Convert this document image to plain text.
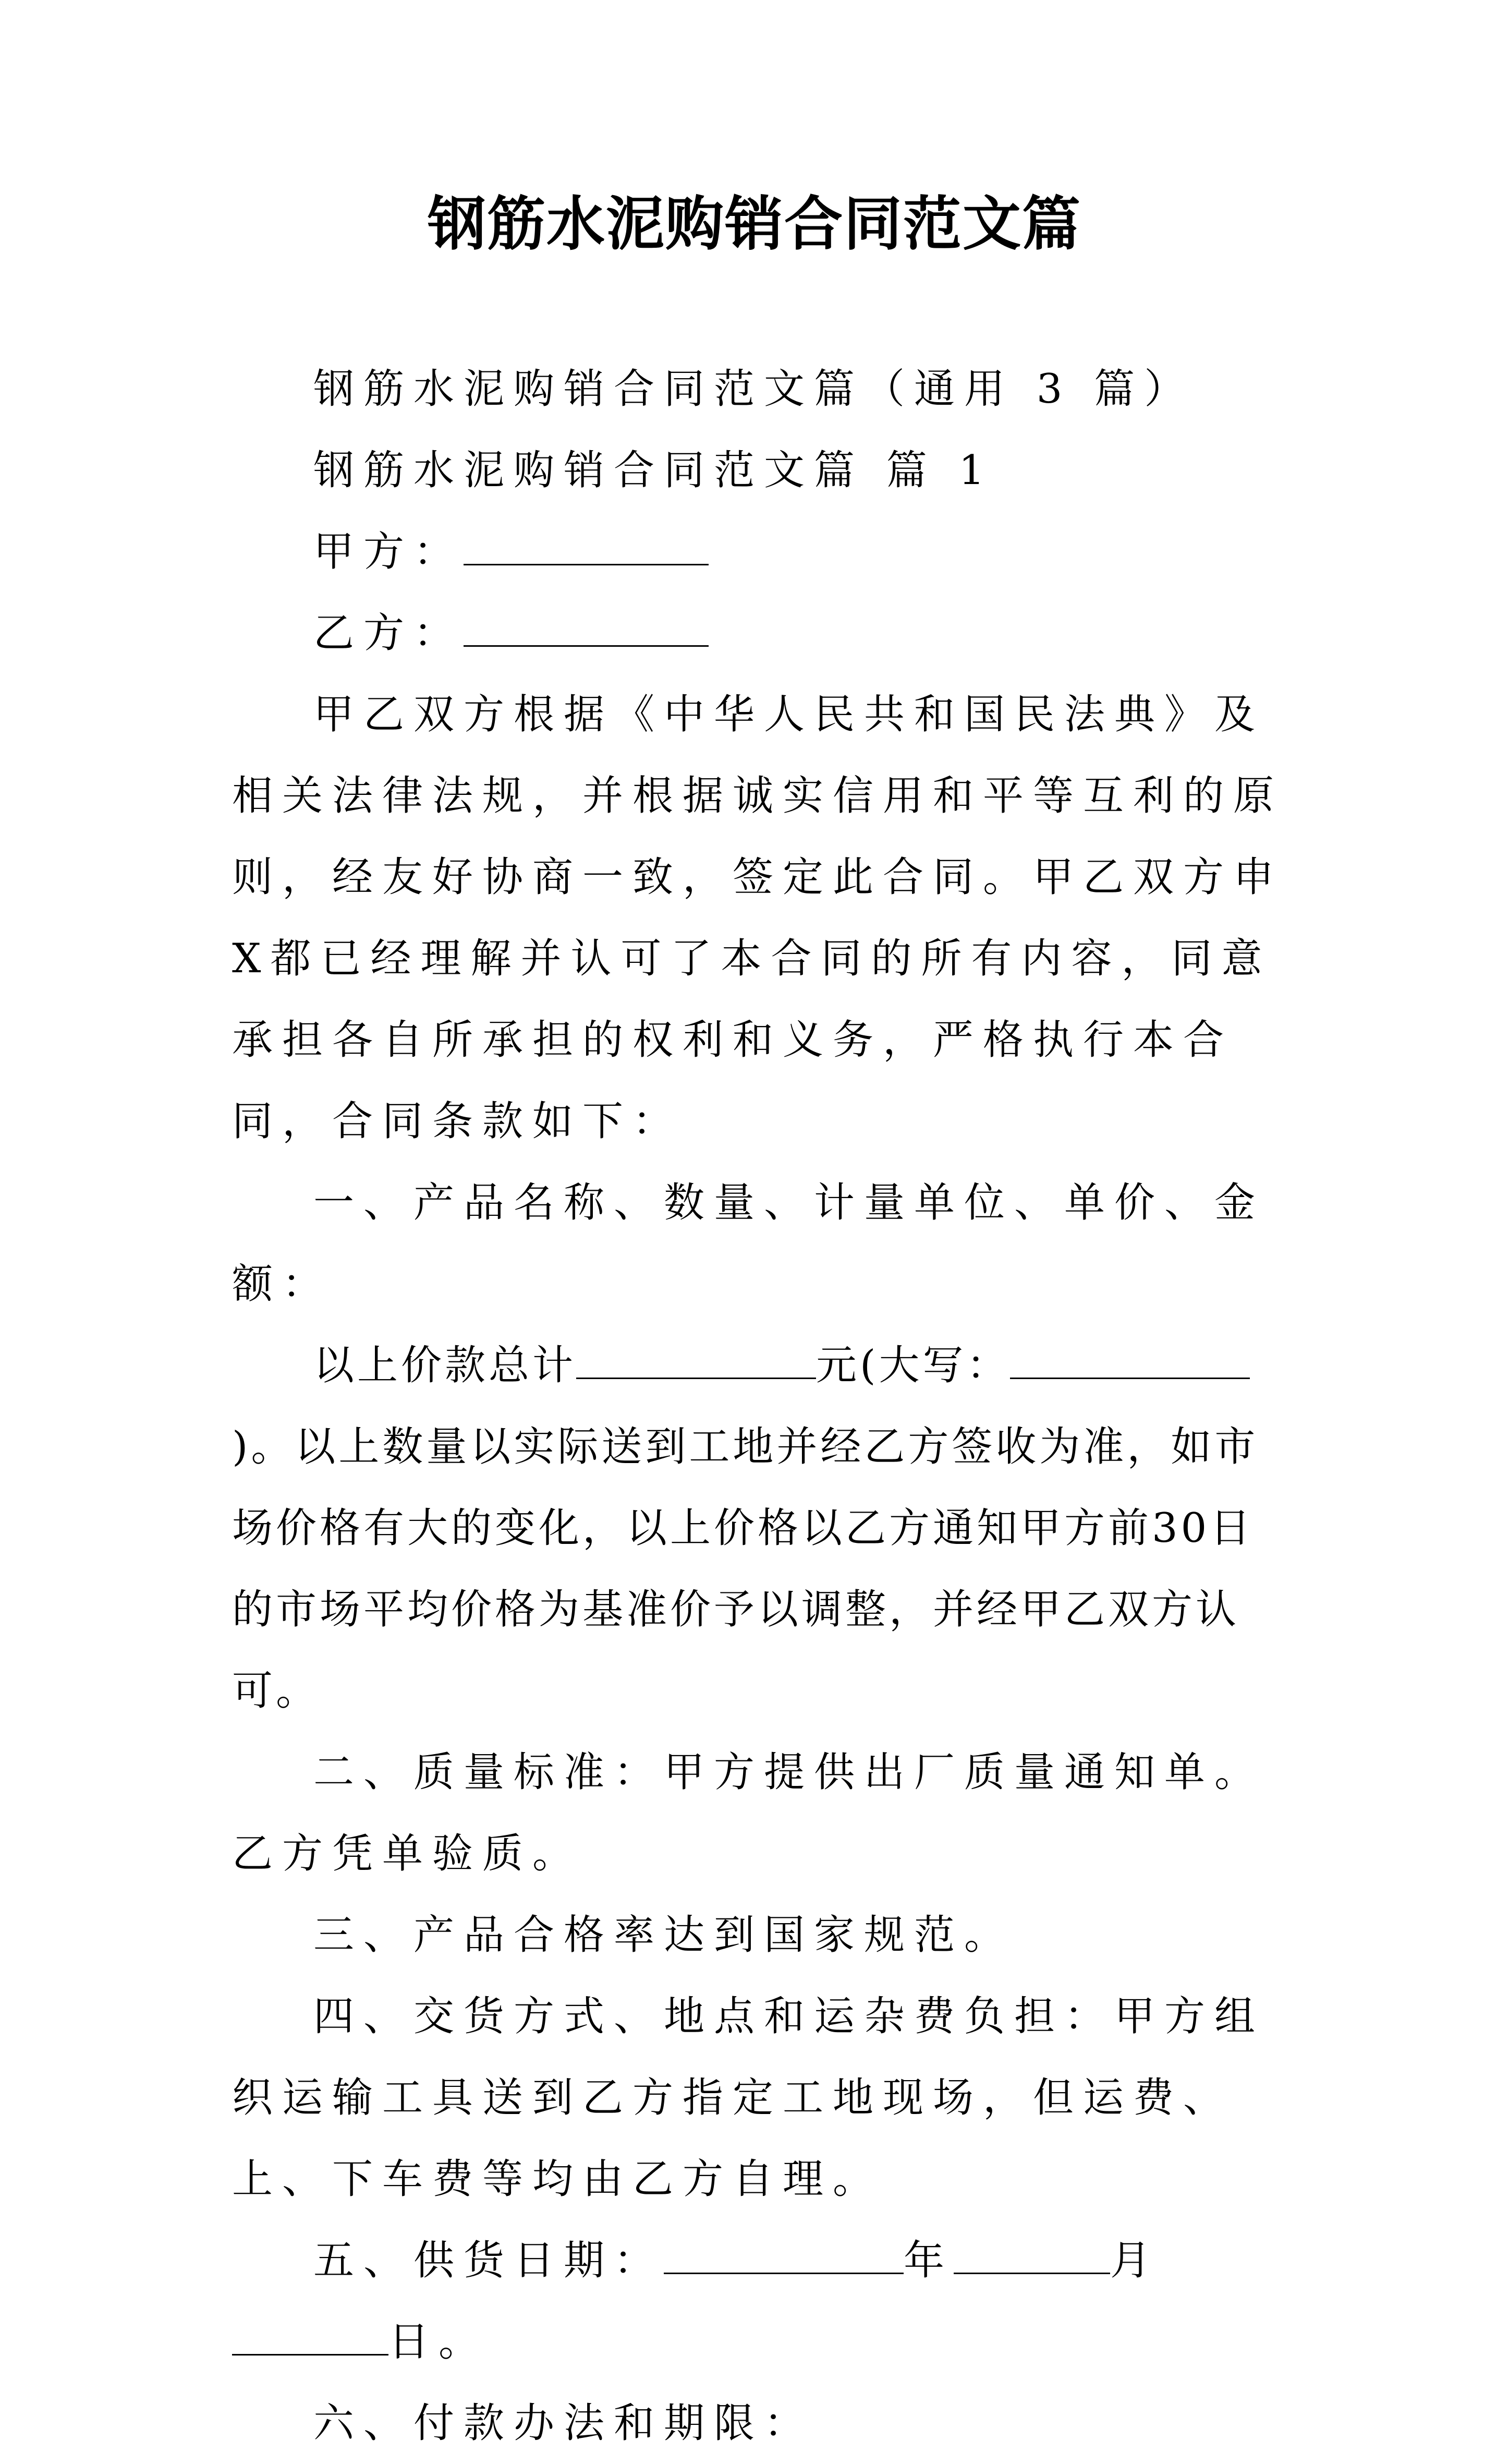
钢筋水泥购销合同范文篇

钢筋水泥购销合同范文篇（通用 3 篇）

钢筋水泥购销合同范文篇 篇 1

甲方：

乙方：

甲乙双方根据《中华人民共和国民法典》及相关法律法规，并根据诚实信用和平等互利的原则，经友好协商一致，签定此合同。甲乙双方申X都已经理解并认可了本合同的所有内容，同意承担各自所承担的权利和义务，严格执行本合同，合同条款如下：

一、产品名称、数量、计量单位、单价、金额：

以上价款总计	元(大写：)。以上数量以实际送到工地并经乙方签收为准，如市场价格有大的变化，以上价格以乙方通知甲方前30日的市场平均价格为基准价予以调整，并经甲乙双方认可。

二、质量标准：甲方提供出厂质量通知单。乙方凭单验质。

三、产品合格率达到国家规范。

四、交货方式、地点和运杂费负担：甲方组织运输工具送到乙方指定工地现场，但运费、上、下车费等均由乙方自理。

五、供货日期：	年	月日。

六、付款办法和期限：
